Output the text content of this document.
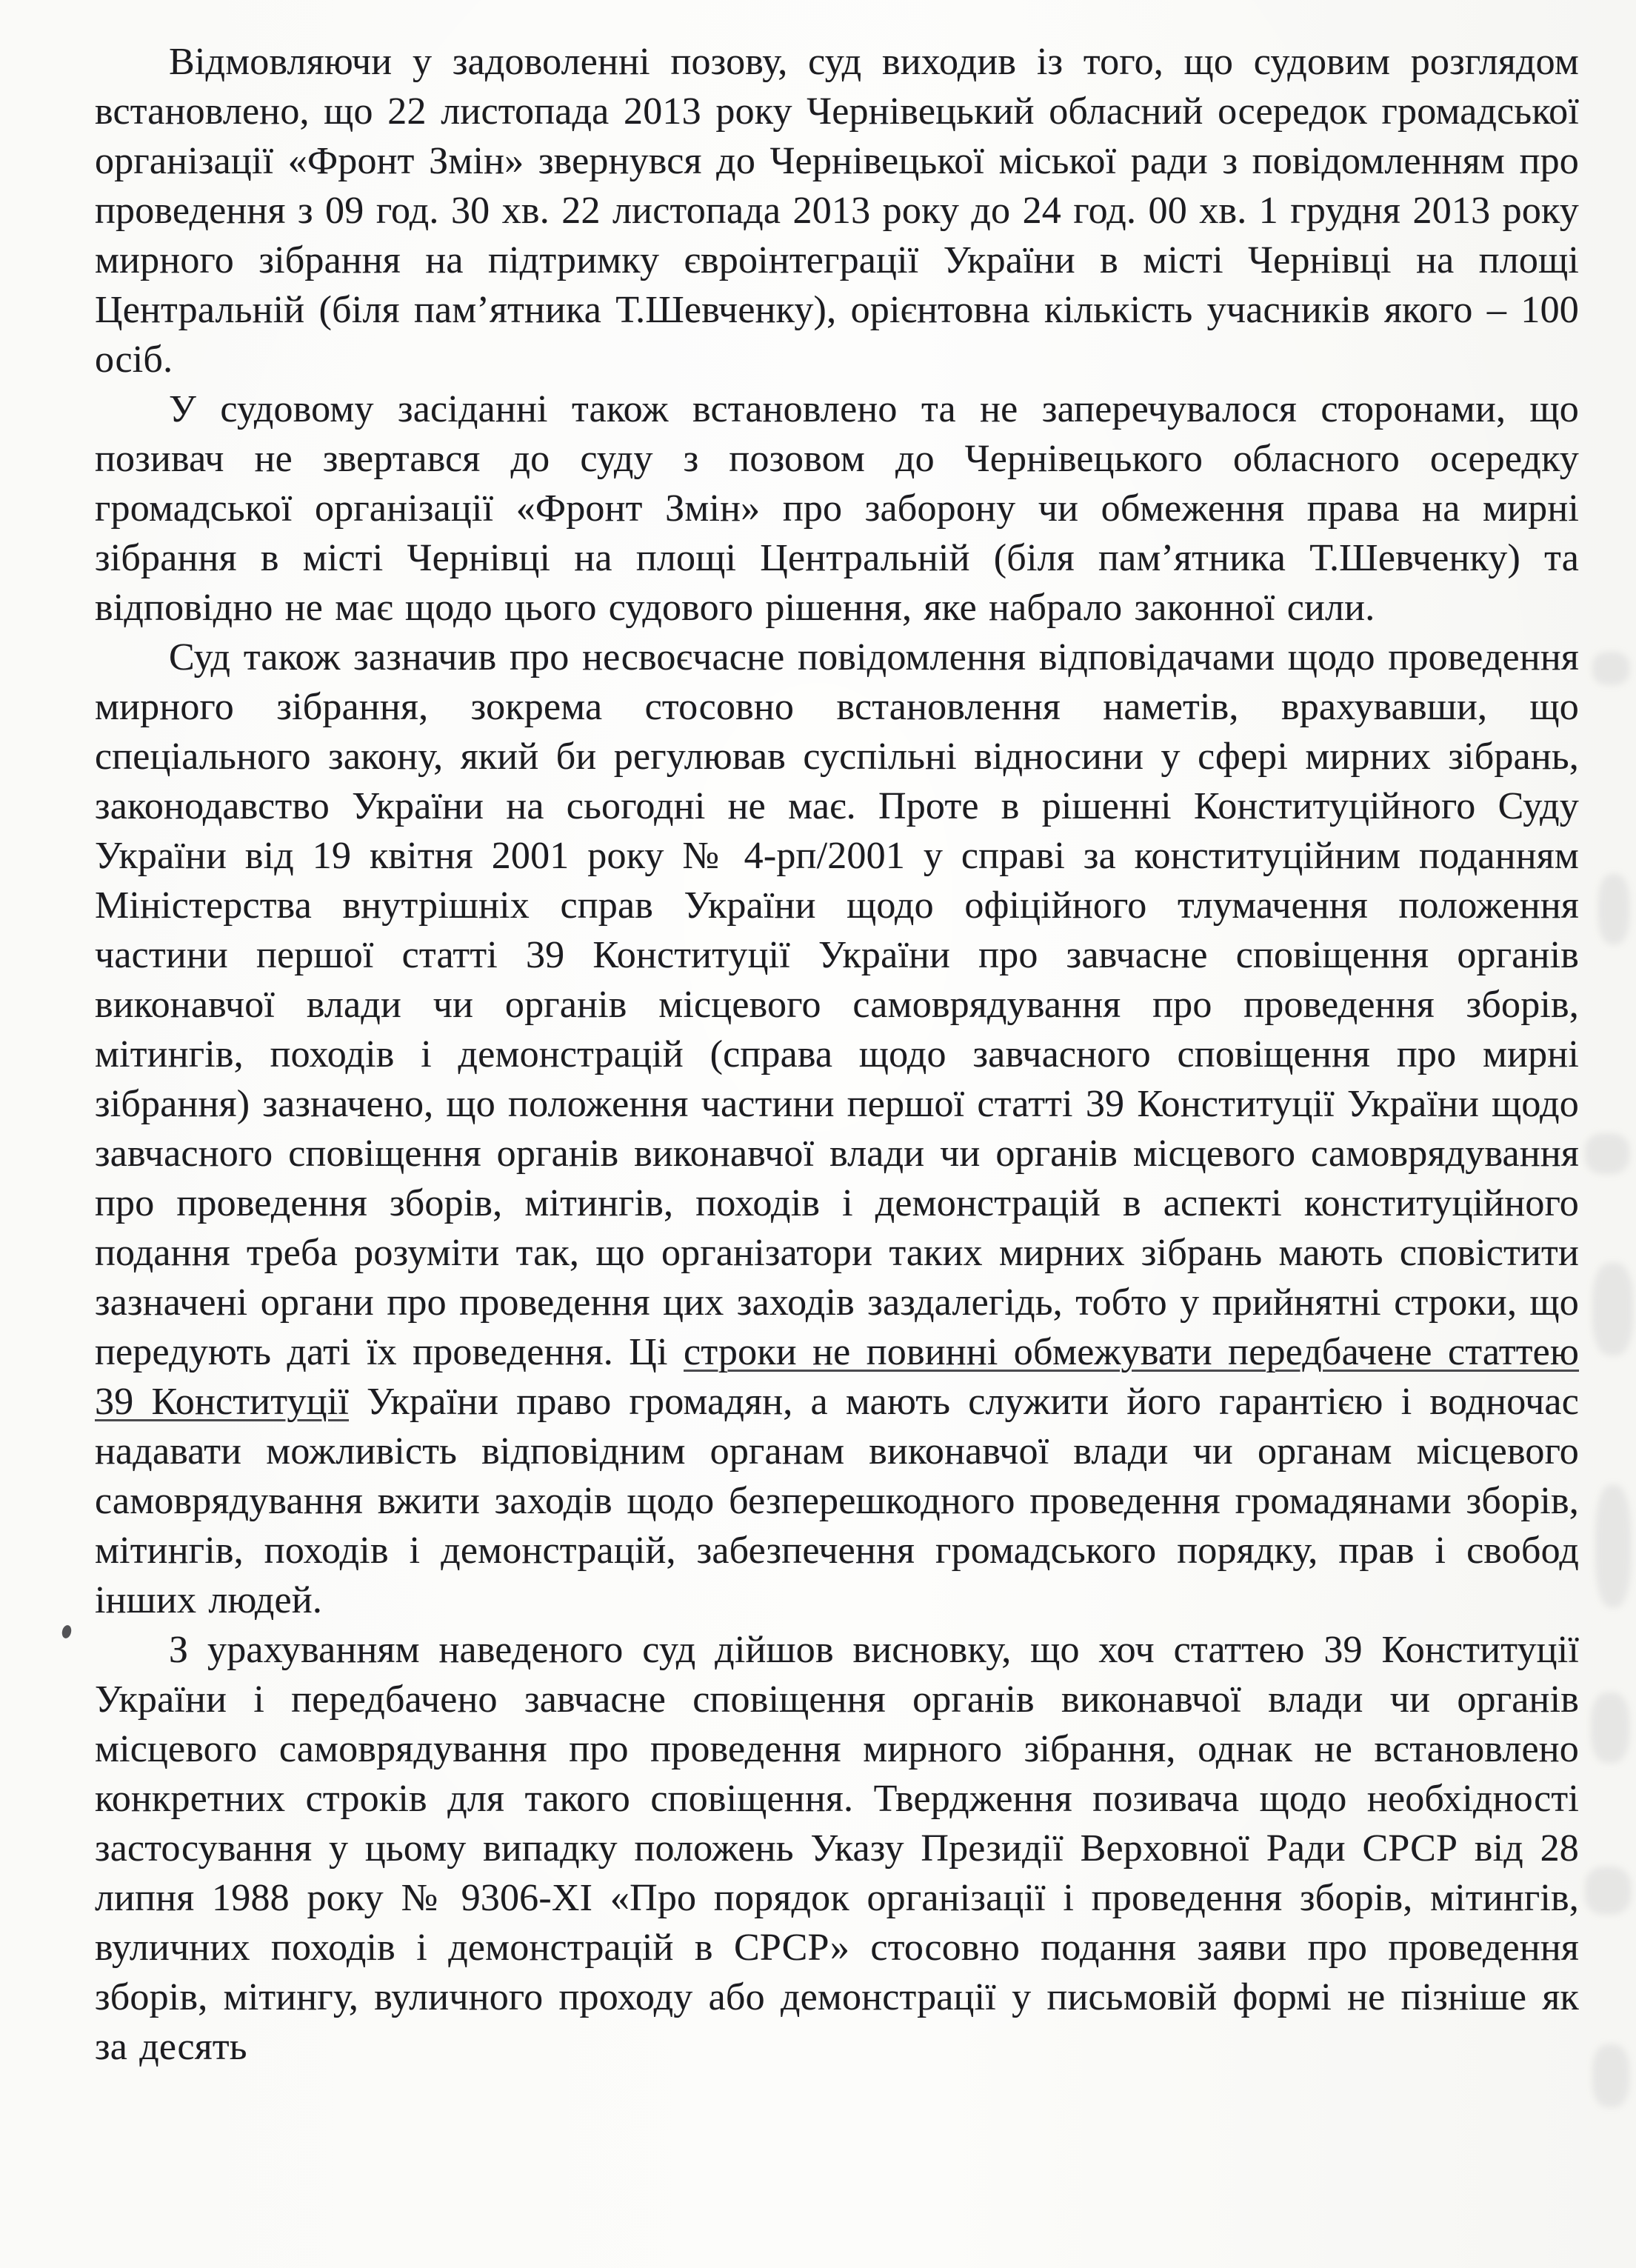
Відмовляючи у задоволенні позову, суд виходив із того, що судовим розглядом встановлено, що 22 листопада 2013 року Чернівецький обласний осередок громадської організації «Фронт Змін» звернувся до Чернівецької міської ради з повідомленням про проведення з 09 год. 30 хв. 22 листопада 2013 року до 24 год. 00 хв. 1 грудня 2013 року мирного зібрання на підтримку євроінтеграції України в місті Чернівці на площі Центральній (біля пам’ятника Т.Шевченку), орієнтовна кількість учасників якого – 100 осіб.

У судовому засіданні також встановлено та не заперечувалося сторонами, що позивач не звертався до суду з позовом до Чернівецького обласного осередку громадської організації «Фронт Змін» про заборону чи обмеження права на мирні зібрання в місті Чернівці на площі Центральній (біля пам’ятника Т.Шевченку) та відповідно не має щодо цього судового рішення, яке набрало законної сили.

Суд також зазначив про несвоєчасне повідомлення відповідачами щодо проведення мирного зібрання, зокрема стосовно встановлення наметів, врахувавши, що спеціального закону, який би регулював суспільні відносини у сфері мирних зібрань, законодавство України на сьогодні не має. Проте в рішенні Конституційного Суду України від 19 квітня 2001 року № 4-рп/2001 у справі за конституційним поданням Міністерства внутрішніх справ України щодо офіційного тлумачення положення частини першої статті 39 Конституції України про завчасне сповіщення органів виконавчої влади чи органів місцевого самоврядування про проведення зборів, мітингів, походів і демонстрацій (справа щодо завчасного сповіщення про мирні зібрання) зазначено, що положення частини першої статті 39 Конституції України щодо завчасного сповіщення органів виконавчої влади чи органів місцевого самоврядування про проведення зборів, мітингів, походів і демонстрацій в аспекті конституційного подання треба розуміти так, що організатори таких мирних зібрань мають сповістити зазначені органи про проведення цих заходів заздалегідь, тобто у прийнятні строки, що передують даті їх проведення. Ці строки не повинні обмежувати передбачене статтею 39 Конституції України право громадян, а мають служити його гарантією і водночас надавати можливість відповідним органам виконавчої влади чи органам місцевого самоврядування вжити заходів щодо безперешкодного проведення громадянами зборів, мітингів, походів і демонстрацій, забезпечення громадського порядку, прав і свобод інших людей.

З урахуванням наведеного суд дійшов висновку, що хоч статтею 39 Конституції України і передбачено завчасне сповіщення органів виконавчої влади чи органів місцевого самоврядування про проведення мирного зібрання, однак не встановлено конкретних строків для такого сповіщення. Твердження позивача щодо необхідності застосування у цьому випадку положень Указу Президії Верховної Ради СРСР від 28 липня 1988 року № 9306-XI «Про порядок організації і проведення зборів, мітингів, вуличних походів і демонстрацій в СРСР» стосовно подання заяви про проведення зборів, мітингу, вуличного проходу або демонстрації у письмовій формі не пізніше як за десять
